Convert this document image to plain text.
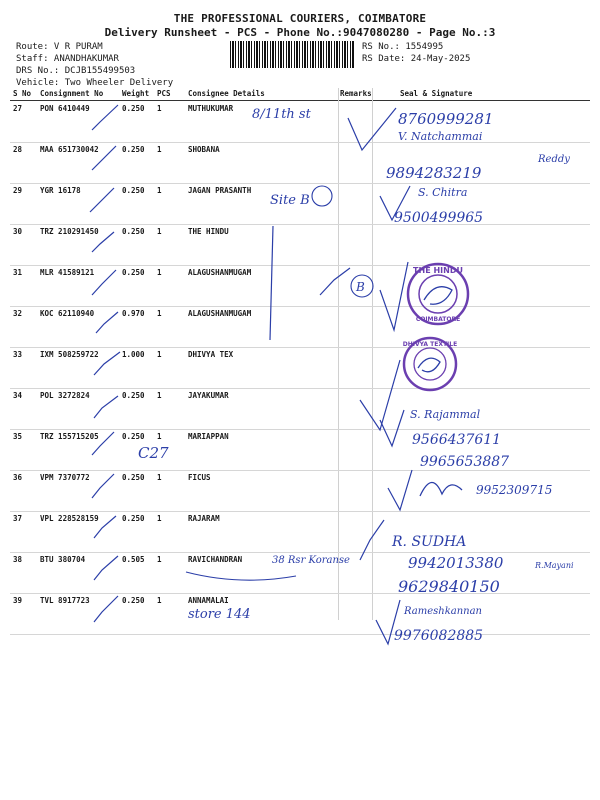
THE PROFESSIONAL COURIERS, COIMBATORE
Delivery Runsheet - PCS - Phone No.:9047080280 - Page No.:3
Route: V R PURAM
Staff: ANANDHAKUMAR
DRS No.: DCJB155499503
Vehicle: Two Wheeler Delivery
RS No.: 1554995
RS Date: 24-May-2025
S No Consignment No	Weight PCS Consignee Details	Remarks	Seal & Signature
27 PON 6410449	0.250 1	MUTHUKUMAR
28 MAA 651730042	0.250 1	SHOBANA
29 YGR 16178	0.250 1	JAGAN PRASANTH
30 TRZ 210291450	0.250 1	THE HINDU
31 MLR 41589121	0.250 1	ALAGUSHANMUGAM
32 KOC 62110940	0.970 1	ALAGUSHANMUGAM
33 IXM 508259722	1.000 1	DHIVYA TEX
34 POL 3272824	0.250 1	JAYAKUMAR
35 TRZ 155715205	0.250 1	MARIAPPAN
36 VPM 7370772	0.250 1	FICUS
37 VPL 228528159	0.250 1	RAJARAM
38 BTU 380704	0.505 1	RAVICHANDRAN
39 TVL 8917723	0.250 1	ANNAMALAI
8/11th st	8760999281
V. Natchammai
9894283219
Reddy
Site B
S. Chitra
9500499965
B
THE HINDU
COIMBATORE
DHIVYA TEXTILE
S. Rajammal
C27
9566437611
9965653887
9952309715
38 Rsr Koranse
R. SUDHA
9942013380	R.Mayani
9629840150
store 144	Rameshkannan
9976082885
